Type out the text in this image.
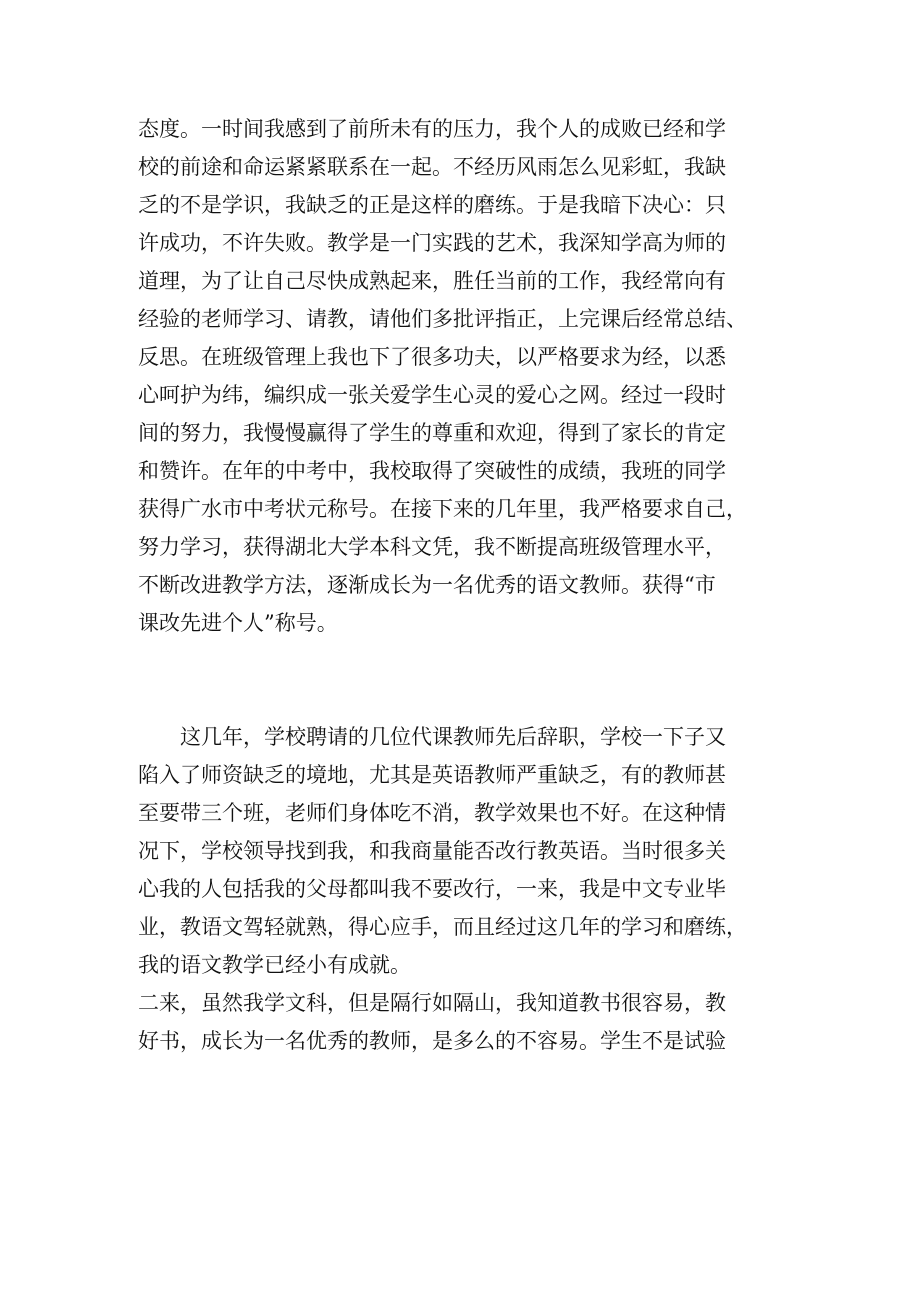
态度。一时间我感到了前所未有的压力，我个人的成败已经和学
校的前途和命运紧紧联系在一起。不经历风雨怎么见彩虹，我缺
乏的不是学识，我缺乏的正是这样的磨练。于是我暗下决心：只
许成功，不许失败。教学是一门实践的艺术，我深知学高为师的
道理，为了让自己尽快成熟起来，胜任当前的工作，我经常向有
经验的老师学习、请教，请他们多批评指正，上完课后经常总结、
反思。在班级管理上我也下了很多功夫，以严格要求为经，以悉
心呵护为纬，编织成一张关爱学生心灵的爱心之网。经过一段时
间的努力，我慢慢赢得了学生的尊重和欢迎，得到了家长的肯定
和赞许。在年的中考中，我校取得了突破性的成绩，我班的同学
获得广水市中考状元称号。在接下来的几年里，我严格要求自己，
努力学习，获得湖北大学本科文凭，我不断提高班级管理水平，
不断改进教学方法，逐渐成长为一名优秀的语文教师。获得“市
课改先进个人”称号。
　　这几年，学校聘请的几位代课教师先后辞职，学校一下子又
陷入了师资缺乏的境地，尤其是英语教师严重缺乏，有的教师甚
至要带三个班，老师们身体吃不消，教学效果也不好。在这种情
况下，学校领导找到我，和我商量能否改行教英语。当时很多关
心我的人包括我的父母都叫我不要改行，一来，我是中文专业毕
业，教语文驾轻就熟，得心应手，而且经过这几年的学习和磨练，
我的语文教学已经小有成就。
二来，虽然我学文科，但是隔行如隔山，我知道教书很容易，教
好书，成长为一名优秀的教师，是多么的不容易。学生不是试验
